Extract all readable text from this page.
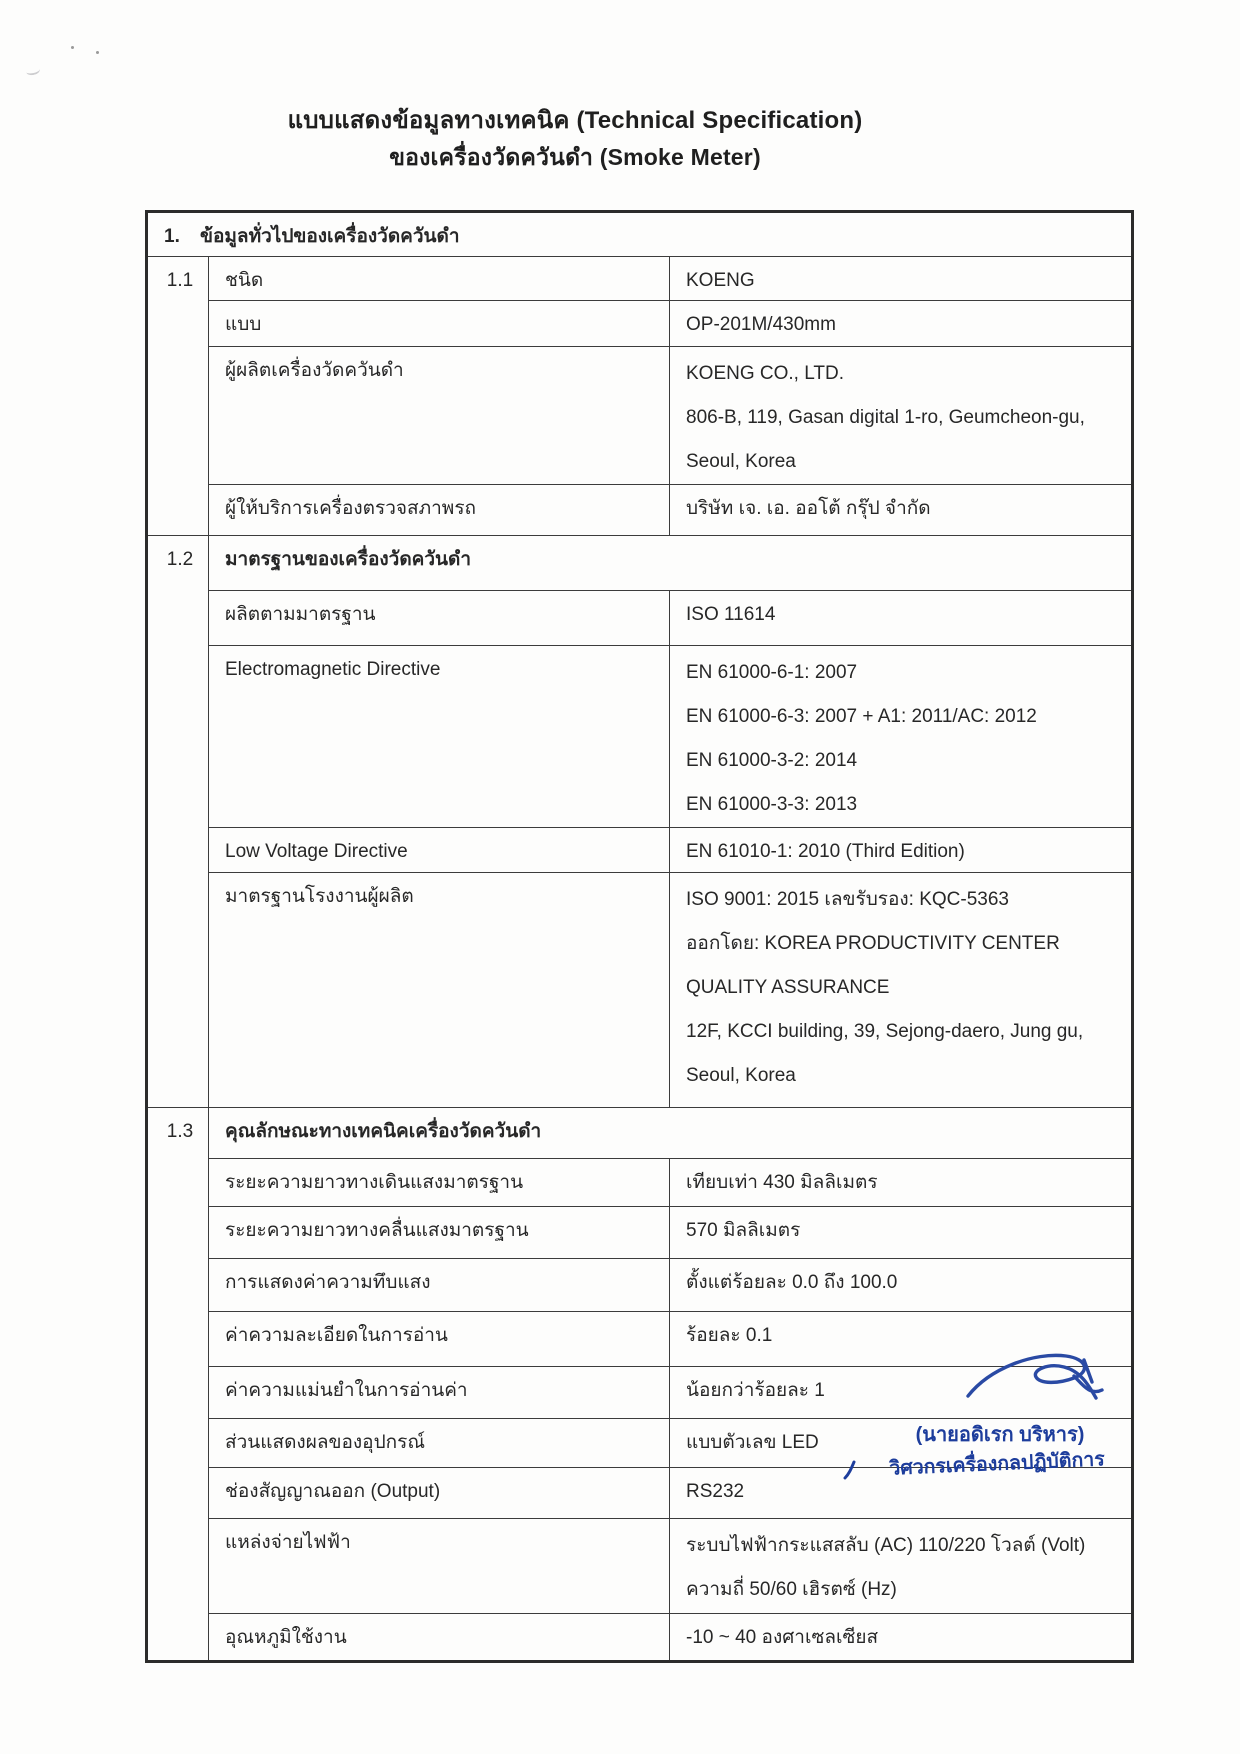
แบบแสดงข้อมูลทางเทคนิค (Technical Specification)
ของเครื่องวัดควันดำ (Smoke Meter)
1. ข้อมูลทั่วไปของเครื่องวัดควันดำ		
1.1	ชนิด	KOENG
	แบบ	OP-201M/430mm
	ผู้ผลิตเครื่องวัดควันดำ	KOENG CO., LTD.
806-B, 119, Gasan digital 1-ro, Geumcheon-gu,
Seoul, Korea

	ผู้ให้บริการเครื่องตรวจสภาพรถ	บริษัท เจ. เอ. ออโต้ กรุ๊ป จำกัด
1.2	มาตรฐานของเครื่องวัดควันดำ	
	ผลิตตามมาตรฐาน	ISO 11614
	Electromagnetic Directive	EN 61000-6-1: 2007
EN 61000-6-3: 2007 + A1: 2011/AC: 2012
EN 61000-3-2: 2014
EN 61000-3-3: 2013

	Low Voltage Directive	EN 61010-1: 2010 (Third Edition)
	มาตรฐานโรงงานผู้ผลิต	ISO 9001: 2015 เลขรับรอง: KQC-5363
ออกโดย: KOREA PRODUCTIVITY CENTER
QUALITY ASSURANCE
12F, KCCI building, 39, Sejong-daero, Jung gu,
Seoul, Korea

1.3	คุณลักษณะทางเทคนิคเครื่องวัดควันดำ	
	ระยะความยาวทางเดินแสงมาตรฐาน	เทียบเท่า 430 มิลลิเมตร
	ระยะความยาวทางคลื่นแสงมาตรฐาน	570 มิลลิเมตร
	การแสดงค่าความทึบแสง	ตั้งแต่ร้อยละ 0.0 ถึง 100.0
	ค่าความละเอียดในการอ่าน	ร้อยละ 0.1
	ค่าความแม่นยำในการอ่านค่า	น้อยกว่าร้อยละ 1
	ส่วนแสดงผลของอุปกรณ์	แบบตัวเลข LED
	ช่องสัญญาณออก (Output)	RS232
	แหล่งจ่ายไฟฟ้า	ระบบไฟฟ้ากระแสสลับ (AC) 110/220 โวลต์ (Volt)
ความถี่ 50/60 เฮิรตซ์ (Hz)

	อุณหภูมิใช้งาน	-10 ~ 40 องศาเซลเซียส
(นายอดิเรก บริหาร)
วิศวกรเครื่องกลปฏิบัติการ
